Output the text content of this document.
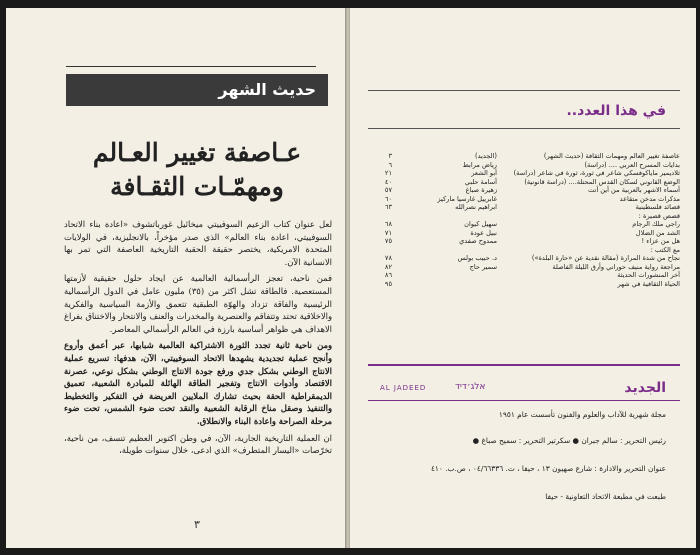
حديث الشهر
عـاصفة تغيير العـالم
ومهمّـات الثقـافة

لعل عنوان كتاب الزعيم السوفييتي ميخائيل غورباتشوف «اعادة بناء الاتحاد السوفييتي، اعادة بناء العالم» الذي صدر مؤخراً، بالانجليزية، في الولايات المتحدة الامريكية، يختصر حقيقة الحقبة التاريخية العاصفة التي تمر بها الانسانية الآن.

فمن ناحية، تعجز الرأسمالية العالمية عن ايجاد حلول حقيقية لأزمتها المستعصية. فالطاقة تشل اكثر من (٣٥) مليون عامل في الدول الرأسمالية الرئيسية والفاقة تزداد والهوّة الطبقية تتعمق والأزمة السياسية والفكرية والاخلاقية تحتد وتتفاقم والعنصرية والمخدرات والعنف والانتحار والاختناق بفراغ الاهداف هي ظواهر أساسية بارزة في العالم الرأسمالي المعاصر.

ومن ناحية ثانية تجدد الثورة الاشتراكية العالمية شبابها، عبر أعمق وأروع وأنجح عملية تجديدية يشهدها الاتحاد السوفييتي، الآن، هدفها: تسريع عملية الانتاج الوطني بشكل جدي ورفع جودة الانتاج الوطني بشكل نوعي، عصرنة الاقتصاد وأدوات الانتاج وتفجير الطاقة الهائلة للمبادرة الشعبية، تعميق الديمقراطية الحقة بحيث تشارك الملايين العريضة في التفكير والتخطيط والتنفيذ وصقل مناخ الرقابة الشعبية والنقد تحت ضوء الشمس، تحت ضوء مرحلة الصراحة واعادة البناء والانطلاق.

ان العملية التاريخية الجارية، الآن، في وطن اكتوبر العظيم تنسف، من ناحية، تخرّصات «اليسار المتطرف» الذي ادعى، خلال سنوات طويلة،

٣
في هذا العدد..
عاصفة تغيير العالم ومهمات الثقافة (حديث الشهر)
(الجديد)
٣
بدايات المسرح العربي .... (دراسة)
رياض مرابط
٦
ثلاديمير ماياكوفسكي شاعر في ثورة، ثورة في شاعر (دراسة)
أبو الشعر
٢١
الوضع القانوني لسكان القدس المحتلة.... (دراسة قانونية)
أسامة حلبي
٤٠
أسماء الاشهر بالعربية من أين أتت
زهيرة صباغ
٥٧
مذكرات مدخن متقاعد
غابرييل غارسيا ماركيز
٦٠
قصائد فلسطينية
ابراهيم نصرالله
٦٣
قصص قصيرة :
راجي ملك الرجام
سهيل كيوان
٦٨
الشد من الضلال
نبيل عودة
٧١
هل من عزاء !
ممدوح صفدي
٧٥
مع الكتب :
نجاح من شدة المرارة (مقالة نقدية عن «حارة البلدة»)
د. حبيب بولس
٧٨
مراجعة رواية منيف حوراني وأرق الليلة الفاصلة
سمير حاج
٨٢
آخر المنشورات الحديثة
٨٦
الحياة الثقافية في شهر
٩٥
الجديد
אלג׳דיד
AL JADEED
مجلة شهرية للآداب والعلوم والفنون تأسست عام ١٩٥١
رئيس التحرير : سالم جبران ● سكرتير التحرير : سميح صباغ ●
عنوان التحرير والادارة : شارع صهيون ١٣ ، حيفا ، ت. ٠٤/٦٦٣٣٦ ، ص.ب. ٤١٠
طبعت في مطبعة الاتحاد التعاونية - حيفا
